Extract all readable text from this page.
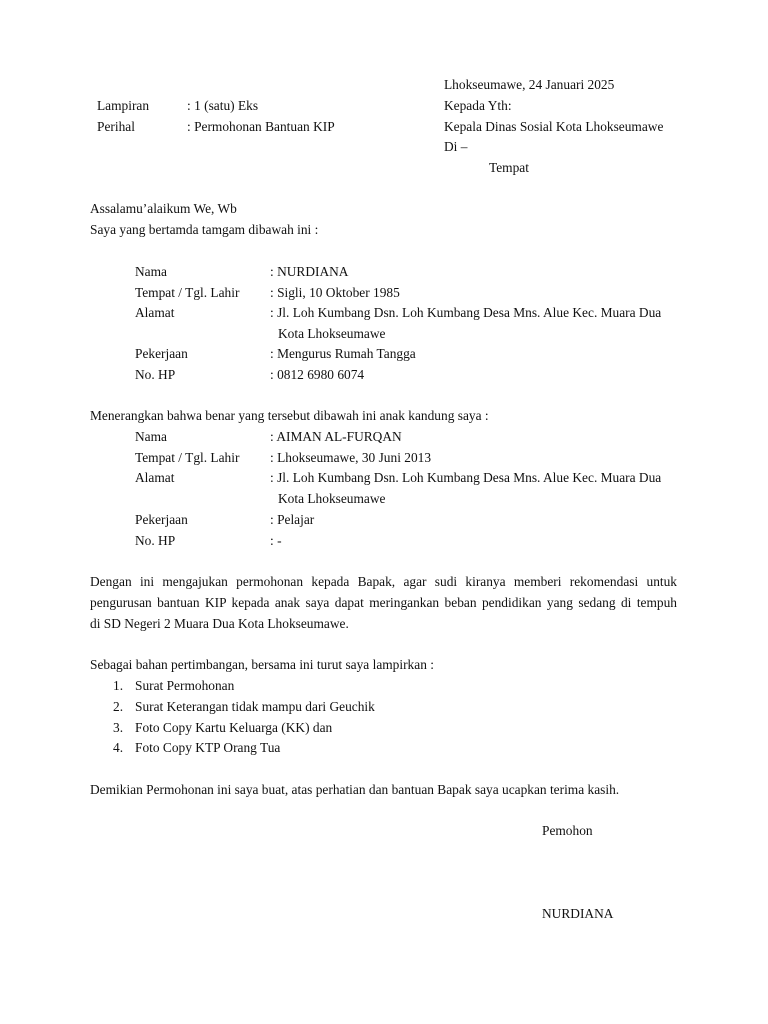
Lhokseumawe, 24 Januari 2025
Lampiran	: 1 (satu) Eks	Kepada Yth:
Perihal	: Permohonan Bantuan KIP	Kepala Dinas Sosial Kota Lhokseumawe
Di –
Tempat
Assalamu’alaikum We, Wb
Saya yang bertamda tamgam dibawah ini :
Nama	: NURDIANA
Tempat / Tgl. Lahir : Sigli, 10 Oktober 1985
Alamat	: Jl. Loh Kumbang Dsn. Loh Kumbang Desa Mns. Alue Kec. Muara Dua
Kota Lhokseumawe
Pekerjaan	: Mengurus Rumah Tangga
No. HP	: 0812 6980 6074
Menerangkan bahwa benar yang tersebut dibawah ini anak kandung saya :
Nama	: AIMAN AL-FURQAN
Tempat / Tgl. Lahir : Lhokseumawe, 30 Juni 2013
Alamat	: Jl. Loh Kumbang Dsn. Loh Kumbang Desa Mns. Alue Kec. Muara Dua
Kota Lhokseumawe
Pekerjaan	: Pelajar
No. HP	: -
Dengan ini mengajukan permohonan kepada Bapak, agar sudi kiranya memberi rekomendasi untuk
pengurusan bantuan KIP kepada anak saya dapat meringankan beban pendidikan yang sedang di tempuh
di SD Negeri 2 Muara Dua Kota Lhokseumawe.
Sebagai bahan pertimbangan, bersama ini turut saya lampirkan :
1. Surat Permohonan
2. Surat Keterangan tidak mampu dari Geuchik
3. Foto Copy Kartu Keluarga (KK) dan
4. Foto Copy KTP Orang Tua
Demikian Permohonan ini saya buat, atas perhatian dan bantuan Bapak saya ucapkan terima kasih.
Pemohon
NURDIANA
